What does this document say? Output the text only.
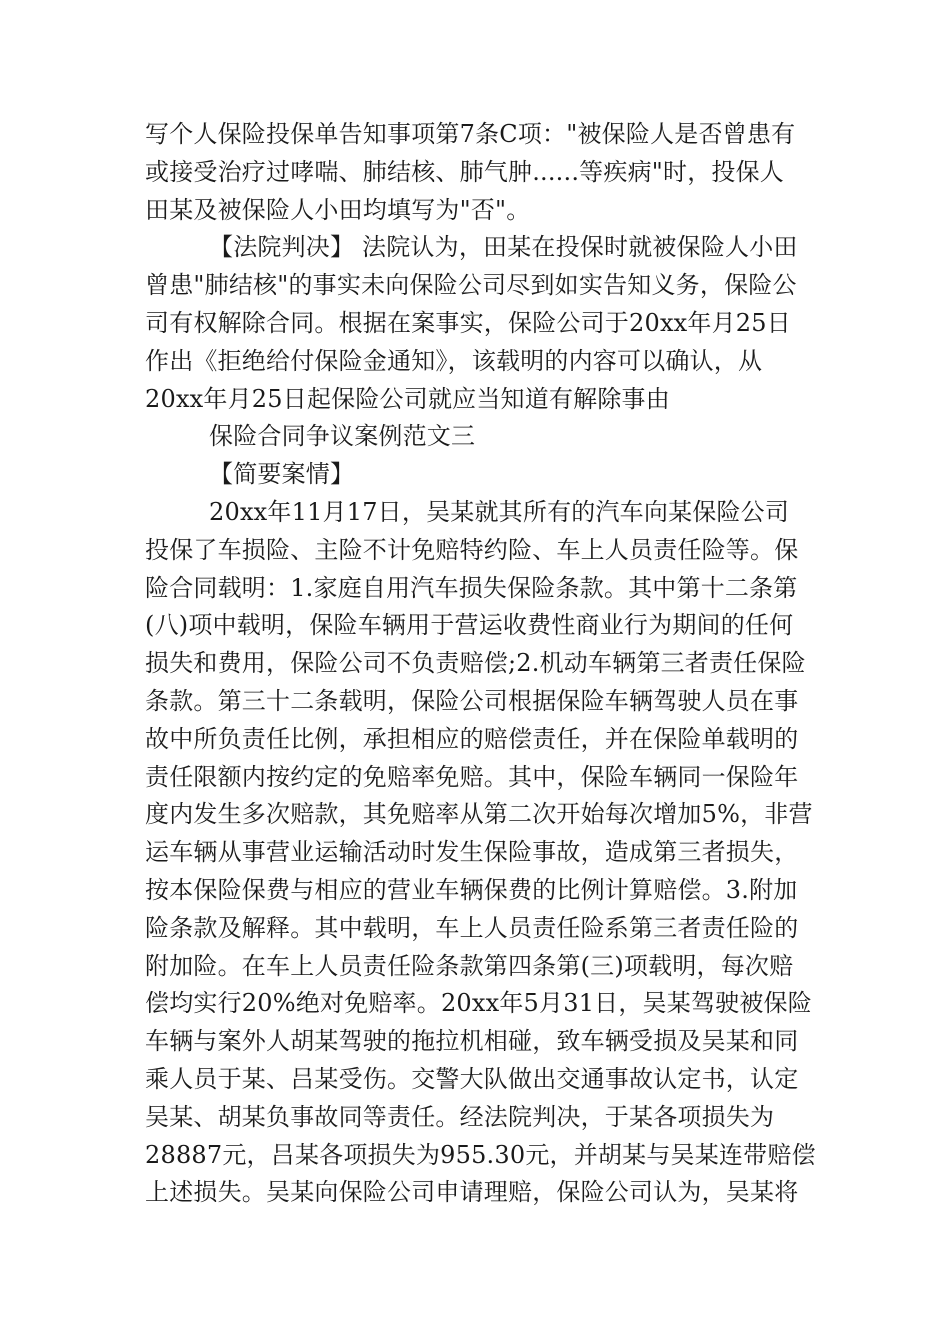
写个人保险投保单告知事项第7条C项："被保险人是否曾患有
或接受治疗过哮喘、肺结核、肺气肿......等疾病"时，投保人
田某及被保险人小田均填写为"否"。
【法院判决】 法院认为，田某在投保时就被保险人小田
曾患"肺结核"的事实未向保险公司尽到如实告知义务，保险公
司有权解除合同。根据在案事实，保险公司于20xx年月25日
作出《拒绝给付保险金通知》，该载明的内容可以确认，从
20xx年月25日起保险公司就应当知道有解除事由
保险合同争议案例范文三
【简要案情】
20xx年11月17日，吴某就其所有的汽车向某保险公司
投保了车损险、主险不计免赔特约险、车上人员责任险等。保
险合同载明：1.家庭自用汽车损失保险条款。其中第十二条第
(八)项中载明，保险车辆用于营运收费性商业行为期间的任何
损失和费用，保险公司不负责赔偿;2.机动车辆第三者责任保险
条款。第三十二条载明，保险公司根据保险车辆驾驶人员在事
故中所负责任比例，承担相应的赔偿责任，并在保险单载明的
责任限额内按约定的免赔率免赔。其中，保险车辆同一保险年
度内发生多次赔款，其免赔率从第二次开始每次增加5%，非营
运车辆从事营业运输活动时发生保险事故，造成第三者损失，
按本保险保费与相应的营业车辆保费的比例计算赔偿。3.附加
险条款及解释。其中载明，车上人员责任险系第三者责任险的
附加险。在车上人员责任险条款第四条第(三)项载明，每次赔
偿均实行20%绝对免赔率。20xx年5月31日，吴某驾驶被保险
车辆与案外人胡某驾驶的拖拉机相碰，致车辆受损及吴某和同
乘人员于某、吕某受伤。交警大队做出交通事故认定书，认定
吴某、胡某负事故同等责任。经法院判决，于某各项损失为
28887元，吕某各项损失为955.30元，并胡某与吴某连带赔偿
上述损失。吴某向保险公司申请理赔，保险公司认为，吴某将
